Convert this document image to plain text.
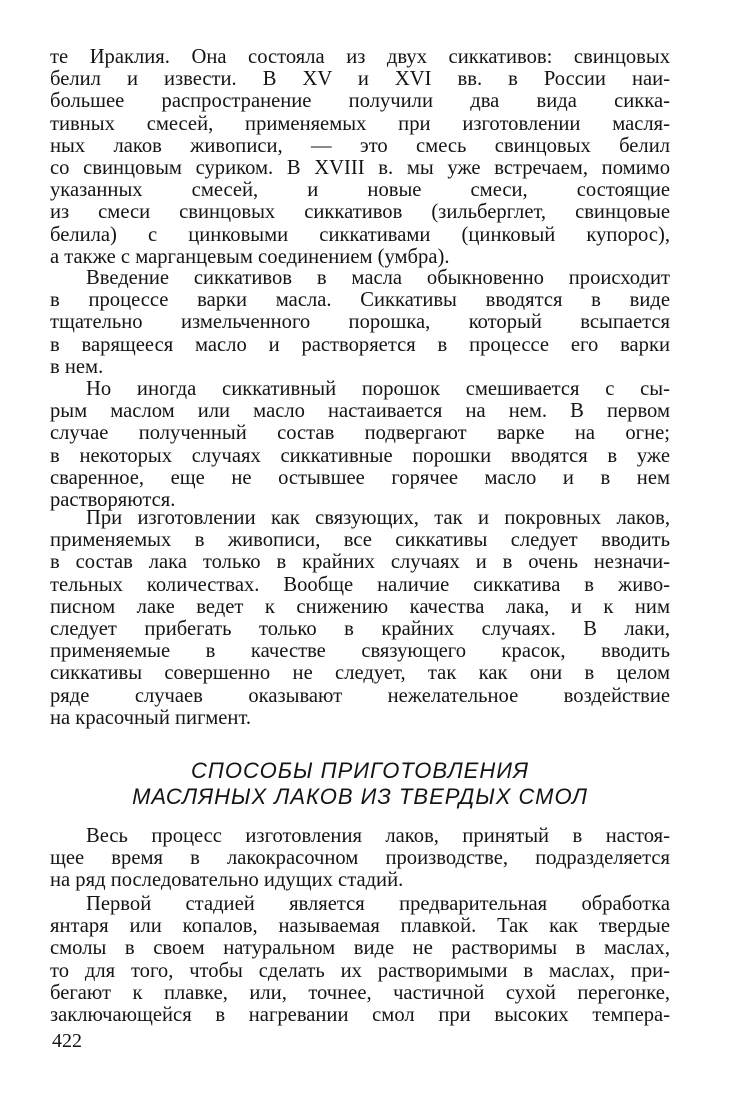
те Ираклия. Она состояла из двух сиккативов: свинцовых

белил и извести. В XV и XVI вв. в России наи-

большее распространение получили два вида сикка-

тивных смесей, применяемых при изготовлении масля-

ных лаков живописи, — это смесь свинцовых белил

со свинцовым суриком. В XVIII в. мы уже встречаем, помимо

указанных смесей, и новые смеси, состоящие

из смеси свинцовых сиккативов (зильберглет, свинцовые

белила) с цинковыми сиккативами (цинковый купорос),

а также с марганцевым соединением (умбра).

Введение сиккативов в масла обыкновенно происходит

в процессе варки масла. Сиккативы вводятся в виде

тщательно измельченного порошка, который всыпается

в варящееся масло и растворяется в процессе его варки

в нем.

Но иногда сиккативный порошок смешивается с сы-

рым маслом или масло настаивается на нем. В первом

случае полученный состав подвергают варке на огне;

в некоторых случаях сиккативные порошки вводятся в уже

сваренное, еще не остывшее горячее масло и в нем

растворяются.

При изготовлении как связующих, так и покровных лаков,

применяемых в живописи, все сиккативы следует вводить

в состав лака только в крайних случаях и в очень незначи-

тельных количествах. Вообще наличие сиккатива в живо-

писном лаке ведет к снижению качества лака, и к ним

следует прибегать только в крайних случаях. В лаки,

применяемые в качестве связующего красок, вводить

сиккативы совершенно не следует, так как они в целом

ряде случаев оказывают нежелательное воздействие

на красочный пигмент.

СПОСОБЫ ПРИГОТОВЛЕНИЯ
МАСЛЯНЫХ ЛАКОВ ИЗ ТВЕРДЫХ СМОЛ

Весь процесс изготовления лаков, принятый в настоя-

щее время в лакокрасочном производстве, подразделяется

на ряд последовательно идущих стадий.

Первой стадией является предварительная обработка

янтаря или копалов, называемая плавкой. Так как твердые

смолы в своем натуральном виде не растворимы в маслах,

то для того, чтобы сделать их растворимыми в маслах, при-

бегают к плавке, или, точнее, частичной сухой перегонке,

заключающейся в нагревании смол при высоких темпера-

422
